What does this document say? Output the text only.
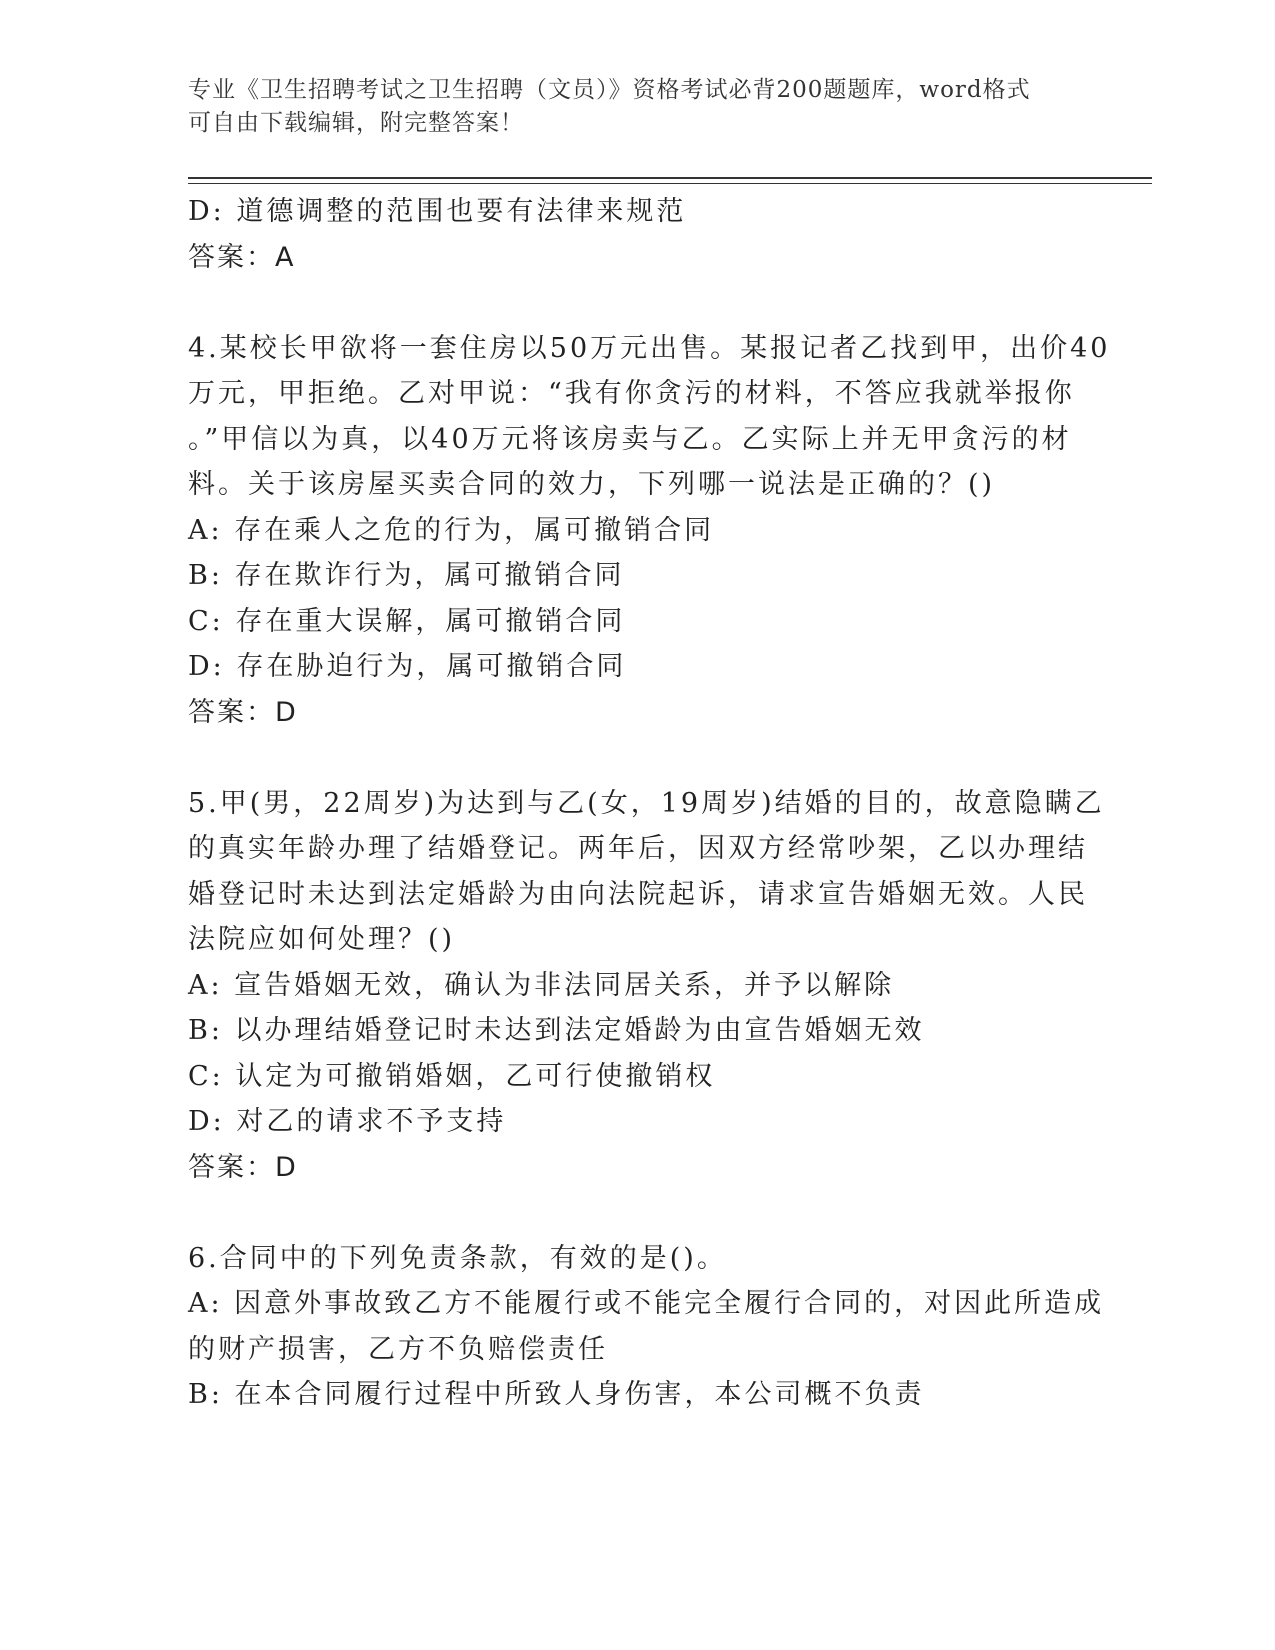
专业《卫生招聘考试之卫生招聘（文员）》资格考试必背200题题库，word格式
可自由下载编辑，附完整答案！
D: 道德调整的范围也要有法律来规范
答案：A
4.某校长甲欲将一套住房以50万元出售。某报记者乙找到甲，出价40
万元，甲拒绝。乙对甲说：“我有你贪污的材料，不答应我就举报你
。”甲信以为真，以40万元将该房卖与乙。乙实际上并无甲贪污的材
料。关于该房屋买卖合同的效力，下列哪一说法是正确的？()
A: 存在乘人之危的行为，属可撤销合同
B: 存在欺诈行为，属可撤销合同
C: 存在重大误解，属可撤销合同
D: 存在胁迫行为，属可撤销合同
答案：D
5.甲(男，22周岁)为达到与乙(女，19周岁)结婚的目的，故意隐瞒乙
的真实年龄办理了结婚登记。两年后，因双方经常吵架，乙以办理结
婚登记时未达到法定婚龄为由向法院起诉，请求宣告婚姻无效。人民
法院应如何处理？()
A: 宣告婚姻无效，确认为非法同居关系，并予以解除
B: 以办理结婚登记时未达到法定婚龄为由宣告婚姻无效
C: 认定为可撤销婚姻，乙可行使撤销权
D: 对乙的请求不予支持
答案：D
6.合同中的下列免责条款，有效的是()。
A: 因意外事故致乙方不能履行或不能完全履行合同的，对因此所造成
的财产损害，乙方不负赔偿责任
B: 在本合同履行过程中所致人身伤害，本公司概不负责
